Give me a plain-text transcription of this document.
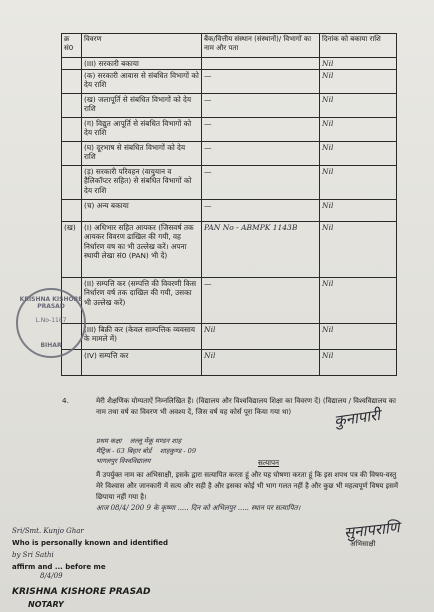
क्र सं0	विवरण	बैंक/वित्तीय संस्थान (संस्थानों)/ विभागों का नाम और पता	दिनांक को बकाया राशि
	(III) सरकारी बकाया		Nil
	(क) सरकारी आवास से संबधित विभागों को देय राशि	—	Nil
	(ख) जलापूर्ति से संबधित विभागों को देय राशि	—	Nil
	(ग) विद्युत आपूर्ति से संबधित विभागों को देय राशि	—	Nil
	(घ) दूरभाष से संबधित विभागों को देय राशि	—	Nil
	(ड़) सरकारी परिवहन (वायुयान व हैलिकॉप्टर सहित) से संबधित विभागों को देय राशि	—	Nil
	(च) अन्य बकाया	—	Nil
(ख)	(I) अधिभार सहित आयकर (जिसवर्ष तक आयकर विवरण ढाखिल की गयी, वह निर्धारण वष का भी उल्लेख करें। अपना स्थायी लेखा सं0 (PAN) भी दें)	PAN No - ABMPK 1143B	Nil
	(II) सम्पत्ति कर (सम्पत्ति की विवरणी किस निर्धारण वर्ष तक दाखिल की गयी, उसका भी उल्लेख करें)	—	Nil
	(III) बिक्री कर (केवल साम्पत्तिक व्यवसाय के मामले में)	Nil	Nil
	(IV) सम्पत्ति कर	Nil	Nil
KRISHNA KISHORE PRASAD
L.No-1187
BIHAR
4.	मेरी शैक्षणिक योग्यताऐं निम्नलिखित हैं। (विद्यालय और विश्वविद्यालय शिक्षा का विवरण दें) (विद्यालय / विश्वविद्यालय का नाम तथा वर्ष का विवरण भी अवश्य दें, जिस वर्ष यह कोर्स पूरा किया गया था)
प्रथम कक्षा लल्लू मेंकू मण्डन शाह
मैट्रिक - 63 बिहार बोर्ड शाहकुण्ड - 09
भागलपुर विश्वविद्यालय
कुनापारी
सत्यापन
मैं उपर्युक्त नाम का अभिसाक्षी, इसके द्वारा सत्यापित करता हूं और यह घोषणा करता हूं कि इस शपथ पत्र की विषय-वस्तु मेरे विश्वास और जानकारी में सत्य और सही है और इसका कोई भी भाग गलत नहीं है और कुछ भी महत्वपूर्ण विषय इसमें छिपाया नहीं गया है।
आज 08/4/ 200 9 के कृष्णा ..... दिन को अभिलपुर ..... स्थान पर सत्यापित।
सुनापराणि
अभिसाक्षी
Sri/Smt. Kunjo Ghar
Who is personally known and identified
by Sri Sathi
affirm and ... before me
8/4/09
KRISHNA KISHORE PRASAD
NOTARY
